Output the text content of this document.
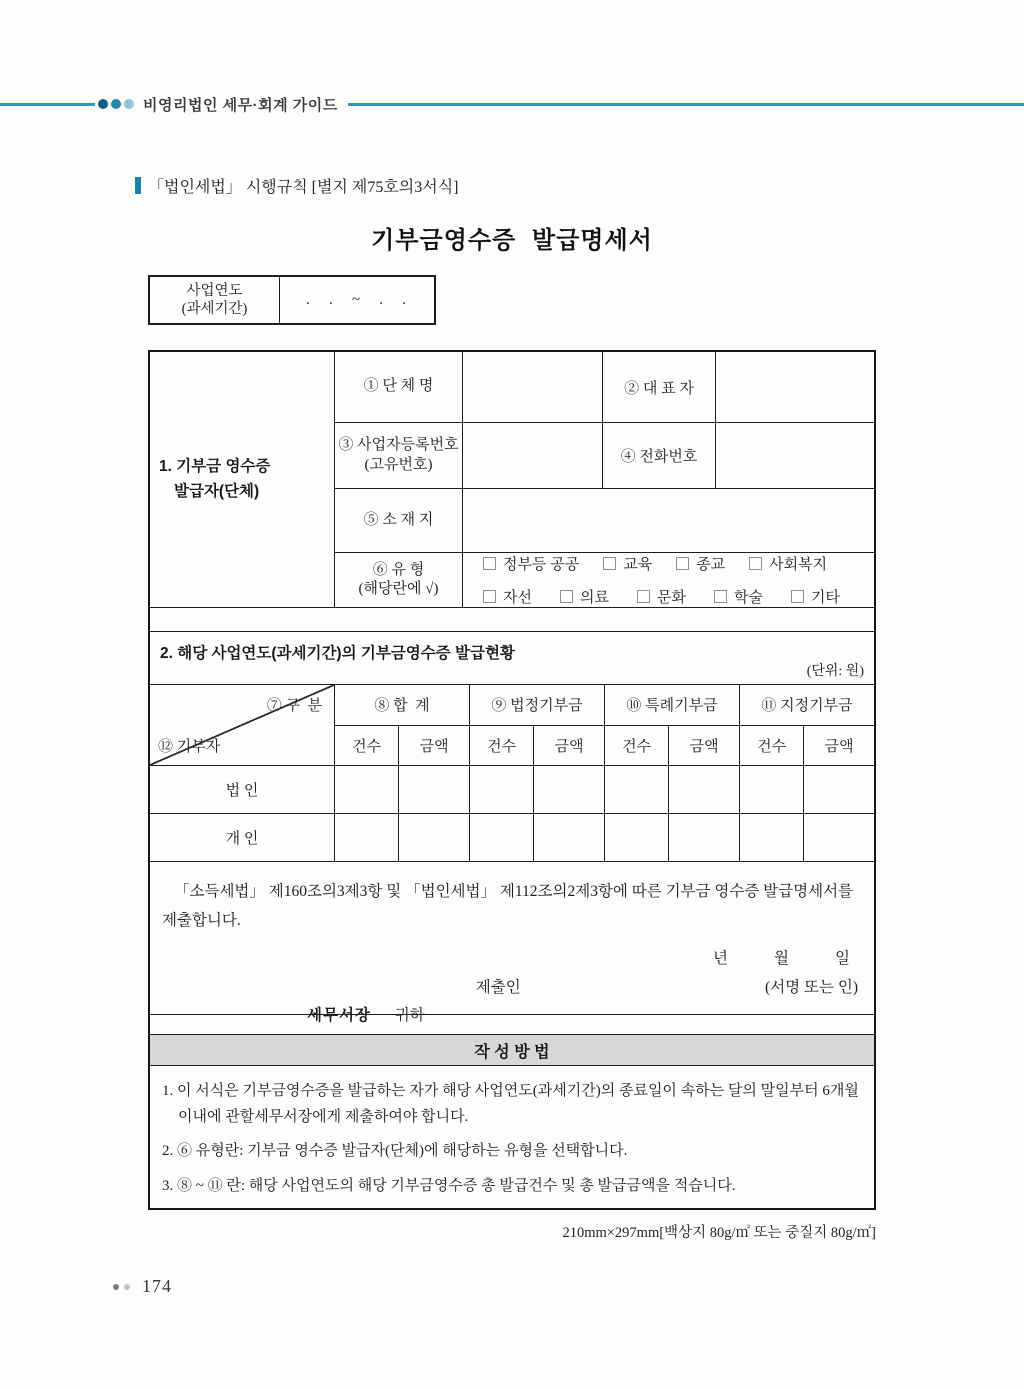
비영리법인 세무·회계 가이드
「법인세법」 시행규칙 [별지 제75호의3서식]
기부금영수증 발급명세서
사업연도
(과세기간)
.   .   ~   .   .
1. 기부금 영수증
발급자(단체)
① 단 체 명	② 대 표 자
③ 사업자등록번호
(고유번호)	④ 전화번호
⑤ 소 재 지
⑥ 유 형
(해당란에 √)
정부등 공공	교육	종교	사회복지
자선	의료	문화	학술	기타
2. 해당 사업연도(과세기간)의 기부금영수증 발급현황
(단위: 원)
⑦ 구  분
⑫ 기부자
⑧ 합  계	⑨ 법정기부금	⑩ 특례기부금	⑪ 지정기부금
건수	금액	건수	금액	건수	금액	건수	금액
법 인
개 인
「소득세법」 제160조의3제3항 및 「법인세법」 제112조의2제3항에 따른 기부금 영수증 발급명세서를 제출합니다.
년	월	일
제출인	(서명 또는 인)
세무서장 귀하
작 성 방 법
1. 이 서식은 기부금영수증을 발급하는 자가 해당 사업연도(과세기간)의 종료일이 속하는 달의 말일부터 6개월 이내에 관할세무서장에게 제출하여야 합니다.
2. ⑥ 유형란: 기부금 영수증 발급자(단체)에 해당하는 유형을 선택합니다.
3. ⑧ ~ ⑪ 란: 해당 사업연도의 해당 기부금영수증 총 발급건수 및 총 발급금액을 적습니다.
210mm×297mm[백상지 80g/㎡ 또는 중질지 80g/㎡]
174
